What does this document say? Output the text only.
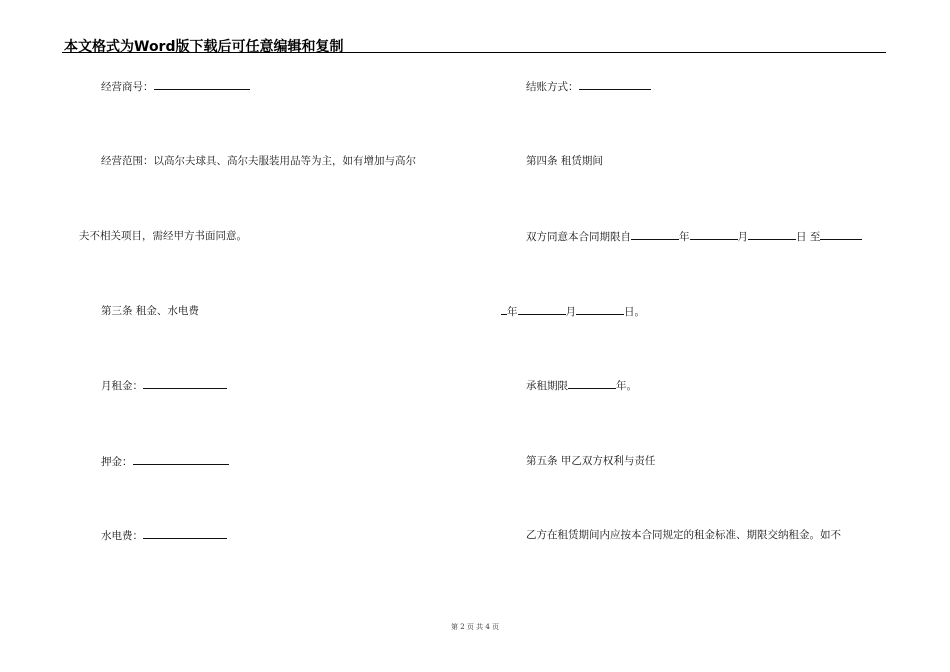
本文格式为Word版下载后可任意编辑和复制
经营商号：
经营范围：以高尔夫球具、高尔夫服装用品等为主，如有增加与高尔
夫不相关项目，需经甲方书面同意。
第三条 租金、水电费
月租金：
押金：
水电费：
结账方式：
第四条 租赁期间
双方同意本合同期限自	年	月	日 至
年	月	日。
承租期限	年。
第五条 甲乙双方权利与责任
乙方在租赁期间内应按本合同规定的租金标准、期限交纳租金。如不
第 2 页 共 4 页
